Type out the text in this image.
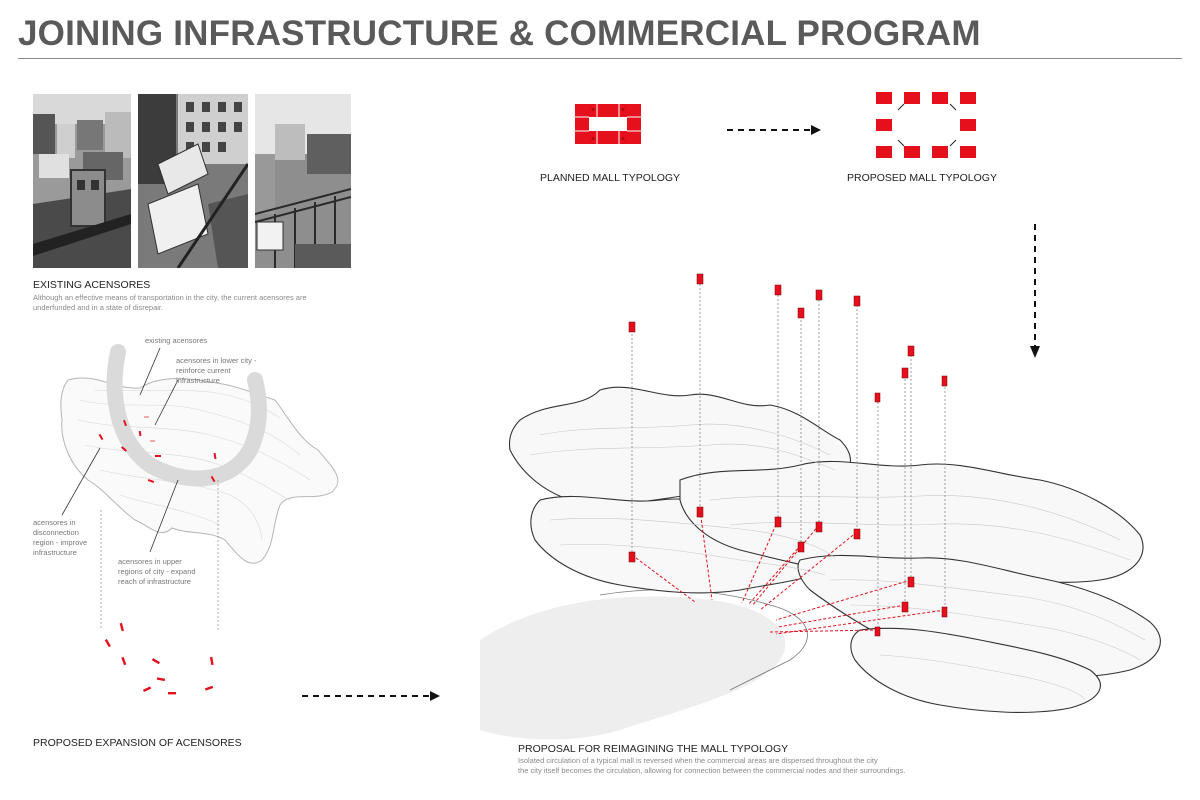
JOINING INFRASTRUCTURE & COMMERCIAL PROGRAM
EXISTING ACENSORES
Although an effective means of transportation in the city, the current acensores are
underfunded and in a state of disrepair.
existing acensores
acensores in lower city -
reinforce current
infrastructure
acensores in
disconnection
region - improve
infrastructure
acensores in upper
regions of city - expand
reach of infrastructure
PROPOSED EXPANSION OF ACENSORES
PLANNED MALL TYPOLOGY	PROPOSED MALL TYPOLOGY
PROPOSAL FOR REIMAGINING THE MALL TYPOLOGY
Isolated circulation of a typical mall is reversed when the commercial areas are dispersed throughout the city
the city itself becomes the circulation, allowing for connection between the commercial nodes and their surroundings.
